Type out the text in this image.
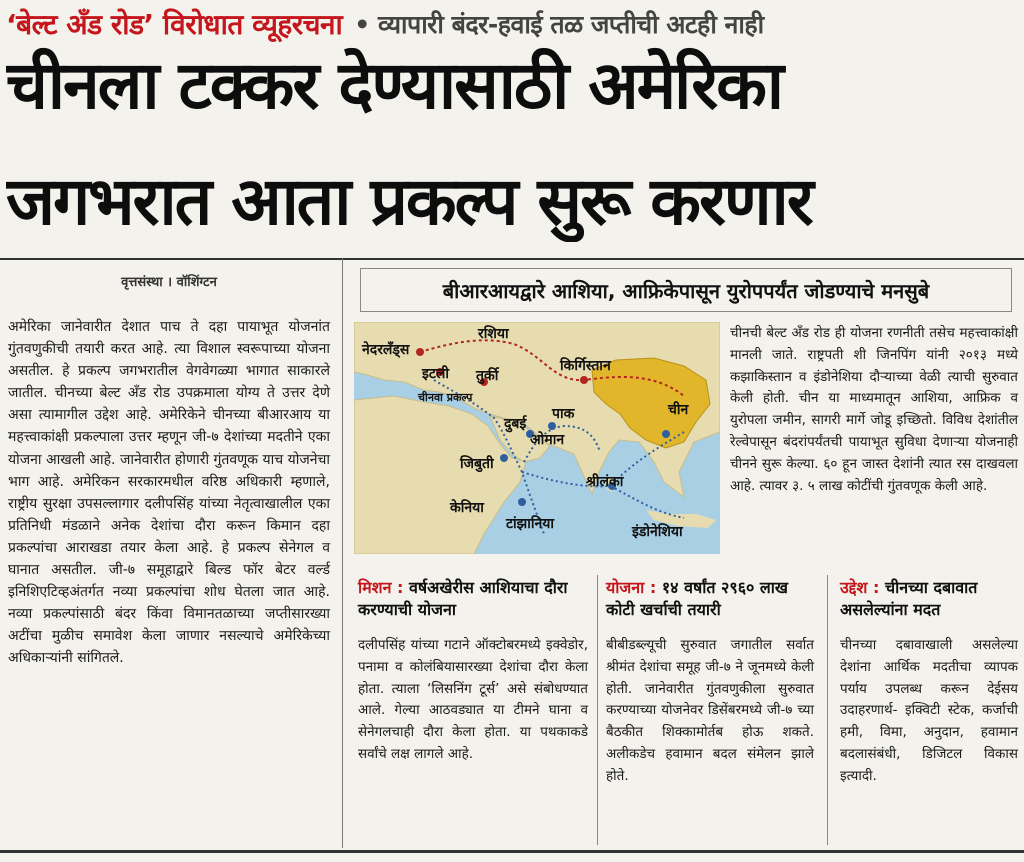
‘बेल्ट अँड रोड’ विरोधात व्यूहरचना • व्यापारी बंदर-हवाई तळ जप्तीची अटही नाही
चीनला टक्कर देण्यासाठी अमेरिका
जगभरात आता प्रकल्प सुरू करणार
वृत्तसंस्था । वॉशिंग्टन
अमेरिका जानेवारीत देशात पाच ते दहा पायाभूत योजनांत गुंतवणुकीची तयारी करत आहे. त्या विशाल स्वरूपाच्या योजना असतील. हे प्रकल्प जगभरातील वेगवेगळ्या भागात साकारले जातील. चीनच्या बेल्ट अँड रोड उपक्रमाला योग्य ते उत्तर देणे असा त्यामागील उद्देश आहे. अमेरिकेने चीनच्या बीआरआय या महत्त्वाकांक्षी प्रकल्पाला उत्तर म्हणून जी-७ देशांच्या मदतीने एका योजना आखली आहे. जानेवारीत होणारी गुंतवणूक याच योजनेचा भाग आहे. अमेरिकन सरकारमधील वरिष्ठ अधिकारी म्हणाले, राष्ट्रीय सुरक्षा उपसल्लागार दलीपसिंह यांच्या नेतृत्वाखालील एका प्रतिनिधी मंडळाने अनेक देशांचा दौरा करून किमान दहा प्रकल्पांचा आराखडा तयार केला आहे. हे प्रकल्प सेनेगल व घानात असतील. जी-७ समूहाद्वारे बिल्ड फॉर बेटर वर्ल्ड इनिशिएटिव्हअंतर्गत नव्या प्रकल्पांचा शोध घेतला जात आहे. नव्या प्रकल्पांसाठी बंदर किंवा विमानतळाच्या जप्तीसारख्या अटींचा मुळीच समावेश केला जाणार नसल्याचे अमेरिकेच्या अधिकाऱ्यांनी सांगितले.
बीआरआयद्वारे आशिया, आफ्रिकेपासून युरोपपर्यंत जोडण्याचे मनसुबे
नेदरलँड्स
रशिया
इटली तुर्की
किर्गिस्तान
चीनवा प्रकल्प
पाक	चीन
दुबई
ओमान
जिबुती
श्रीलंका
केनिया
टांझानिया	इंडोनेशिया
चीनची बेल्ट अँड रोड ही योजना रणनीती तसेच महत्त्वाकांक्षी मानली जाते. राष्ट्रपती शी जिनपिंग यांनी २०१३ मध्ये कझाकिस्तान व इंडोनेशिया दौऱ्याच्या वेळी त्याची सुरुवात केली होती. चीन या माध्यमातून आशिया, आफ्रिक व युरोपला जमीन, सागरी मार्गे जोडू इच्छितो. विविध देशांतील रेल्वेपासून बंदरांपर्यंतची पायाभूत सुविधा देणाऱ्या योजनाही चीनने सुरू केल्या. ६० हून जास्त देशांनी त्यात रस दाखवला आहे. त्यावर ३. ५ लाख कोटींची गुंतवणूक केली आहे.
मिशन : वर्षअखेरीस आशियाचा दौरा करण्याची योजना

दलीपसिंह यांच्या गटाने ऑक्टोबरमध्ये इक्वेडोर, पनामा व कोलंबियासारख्या देशांचा दौरा केला होता. त्याला ‘लिसनिंग टूर्स’ असे संबोधण्यात आले. गेल्या आठवड्यात या टीमने घाना व सेनेगलचाही दौरा केला होता. या पथकाकडे सर्वांचे लक्ष लागले आहे.

योजना : १४ वर्षांत २९६० लाख कोटी खर्चाची तयारी

बीबीडब्ल्यूची सुरुवात जगातील सर्वात श्रीमंत देशांचा समूह जी-७ ने जूनमध्ये केली होती. जानेवारीत गुंतवणुकीला सुरुवात करण्याच्या योजनेवर डिसेंबरमध्ये जी-७ च्या बैठकीत शिक्कामोर्तब होऊ शकते. अलीकडेच हवामान बदल संमेलन झाले होते.

उद्देश : चीनच्या दबावात असलेल्यांना मदत

चीनच्या दबावाखाली असलेल्या देशांना आर्थिक मदतीचा व्यापक पर्याय उपलब्ध करून देईसय उदाहरणार्थ- इक्विटी स्टेक, कर्जाची हमी, विमा, अनुदान, हवामान बदलासंबंधी, डिजिटल विकास इत्यादी.
